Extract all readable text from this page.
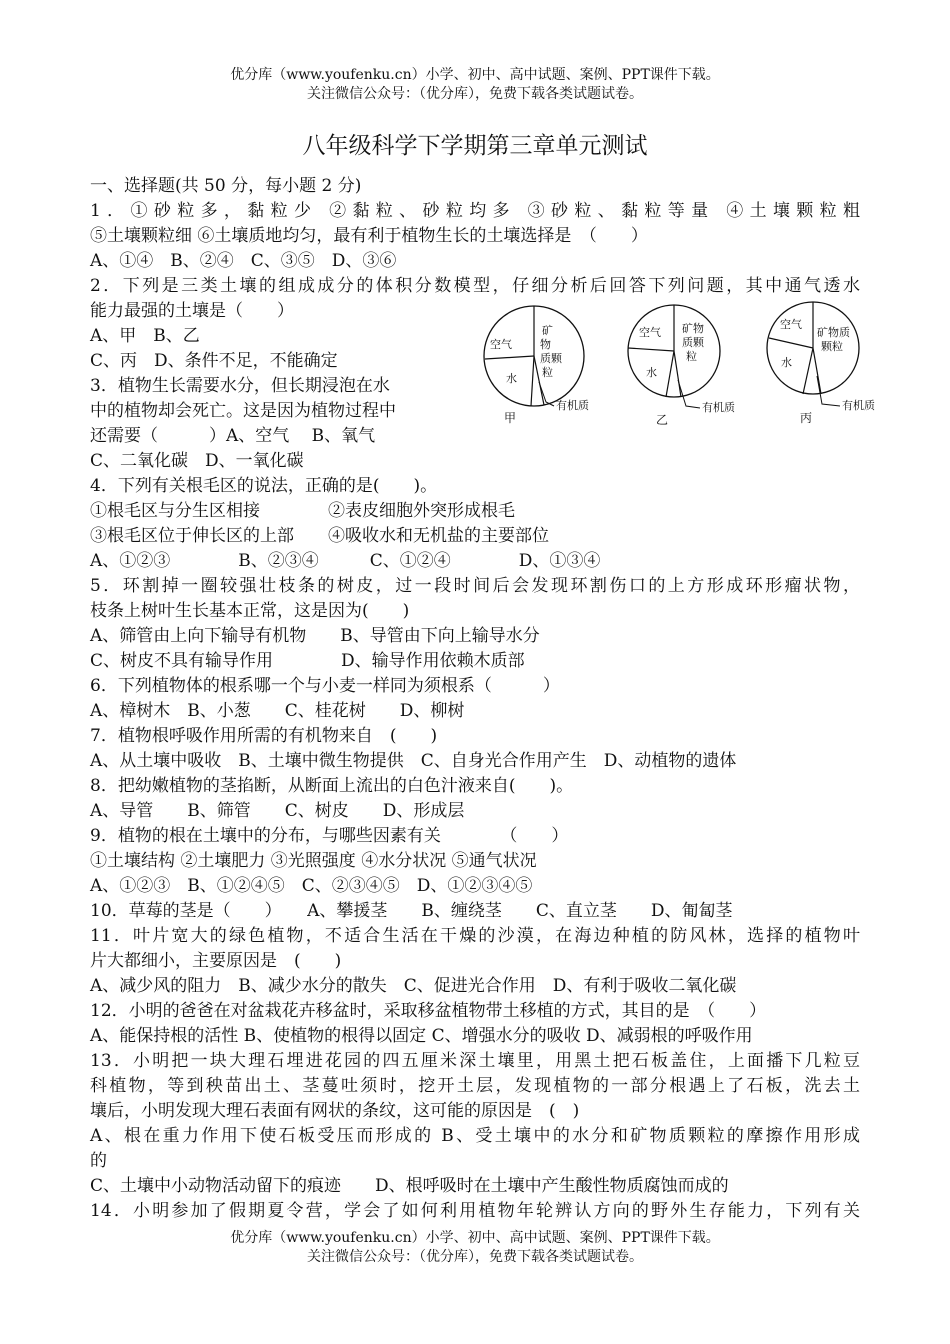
优分库（www.youfenku.cn）小学、初中、高中试题、案例、PPT课件下载。
关注微信公众号：（优分库），免费下载各类试题试卷。
八年级科学下学期第三章单元测试
一、选择题(共 50 分，每小题 2 分)
1．①砂粒多，黏粒少 ②黏粒、砂粒均多 ③砂粒、黏粒等量 ④土壤颗粒粗
⑤土壤颗粒细 ⑥土壤质地均匀，最有利于植物生长的土壤选择是　（　　）
A、①④　B、②④　C、③⑤　D、③⑥
2．下列是三类土壤的组成成分的体积分数模型，仔细分析后回答下列问题，其中通气透水
能力最强的土壤是（　　）
A、甲　B、乙
C、丙　D、条件不足，不能确定
3．植物生长需要水分，但长期浸泡在水
中的植物却会死亡。这是因为植物过程中
还需要（　　　）A、空气　 B、氧气
C、二氧化碳　D、一氧化碳
4．下列有关根毛区的说法，正确的是(　　)。
①根毛区与分生区相接　　　　②表皮细胞外突形成根毛
③根毛区位于伸长区的上部　　④吸收水和无机盐的主要部位
A、①②③　　　　B、②③④　　　C、①②④　　　　D、①③④
5．环割掉一圈较强壮枝条的树皮，过一段时间后会发现环割伤口的上方形成环形瘤状物，
枝条上树叶生长基本正常，这是因为(　　)
A、筛管由上向下输导有机物　　B、导管由下向上输导水分
C、树皮不具有输导作用　　　　D、输导作用依赖木质部
6．下列植物体的根系哪一个与小麦一样同为须根系（　　　）
A、樟树木　B、小葱　　C、桂花树　　D、柳树
7．植物根呼吸作用所需的有机物来自　(　　)
A、从土壤中吸收　B、土壤中微生物提供　C、自身光合作用产生　D、动植物的遗体
8．把幼嫩植物的茎掐断，从断面上流出的白色汁液来自(　　)。
A、导管　　B、筛管　　C、树皮　　D、形成层
9．植物的根在土壤中的分布，与哪些因素有关　　　　（　　）
①土壤结构 ②土壤肥力 ③光照强度 ④水分状况 ⑤通气状况
A、①②③　B、①②④⑤　C、②③④⑤　D、①②③④⑤
10．草莓的茎是（　　）　　A、攀援茎　　B、缠绕茎　　C、直立茎　　D、匍匐茎
11．叶片宽大的绿色植物，不适合生活在干燥的沙漠，在海边种植的防风林，选择的植物叶
片大都细小，主要原因是　(　　)
A、减少风的阻力　B、减少水分的散失　C、促进光合作用　D、有利于吸收二氧化碳
12．小明的爸爸在对盆栽花卉移盆时，采取移盆植物带土移植的方式，其目的是　（　　）
A、能保持根的活性 B、使植物的根得以固定 C、增强水分的吸收 D、减弱根的呼吸作用
13．小明把一块大理石埋进花园的四五厘米深土壤里，用黑土把石板盖住，上面播下几粒豆
科植物，等到秧苗出土、茎蔓吐须时，挖开土层，发现植物的一部分根遇上了石板，洗去土
壤后，小明发现大理石表面有网状的条纹，这可能的原因是　(　)
A、根在重力作用下使石板受压而形成的 B、受土壤中的水分和矿物质颗粒的摩擦作用形成
的
C、土壤中小动物活动留下的痕迹　　D、根呼吸时在土壤中产生酸性物质腐蚀而成的
14．小明参加了假期夏令营，学会了如何利用植物年轮辨认方向的野外生存能力，下列有关
空气
矿
物
质颗
粒
水
有机质
甲
空气 矿物
质颗
粒
水
有机质
乙
空气
矿物质
颗粒
水
有机质
丙
优分库（www.youfenku.cn）小学、初中、高中试题、案例、PPT课件下载。
关注微信公众号：（优分库），免费下载各类试题试卷。
